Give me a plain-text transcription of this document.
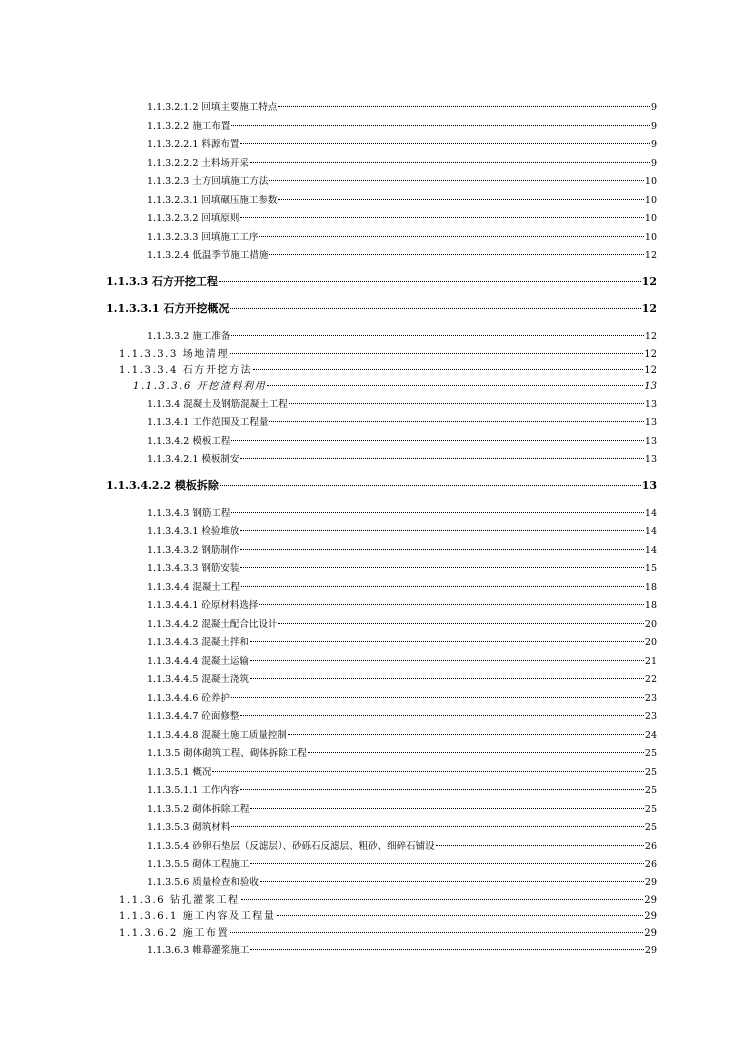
1.1.3.2.1.2 回填主要施工特点	9
1.1.3.2.2 施工布置	9
1.1.3.2.2.1 料源布置	9
1.1.3.2.2.2 土料场开采	9
1.1.3.2.3 土方回填施工方法	10
1.1.3.2.3.1 回填碾压施工参数	10
1.1.3.2.3.2 回填原则	10
1.1.3.2.3.3 回填施工工序	10
1.1.3.2.4 低温季节施工措施	12
1.1.3.3 石方开挖工程	12
1.1.3.3.1 石方开挖概况	12
1.1.3.3.2 施工准备	12
1.1.3.3.3 场地清理	12
1.1.3.3.4 石方开挖方法	12
1.1.3.3.6 开挖渣料利用	13
1.1.3.4 混凝土及钢筋混凝土工程	13
1.1.3.4.1 工作范围及工程量	13
1.1.3.4.2 模板工程	13
1.1.3.4.2.1 模板制安	13
1.1.3.4.2.2 模板拆除	13
1.1.3.4.3 钢筋工程	14
1.1.3.4.3.1 检验堆放	14
1.1.3.4.3.2 钢筋制作	14
1.1.3.4.3.3 钢筋安装	15
1.1.3.4.4 混凝土工程	18
1.1.3.4.4.1 砼原材料选择	18
1.1.3.4.4.2 混凝土配合比设计	20
1.1.3.4.4.3 混凝土拌和	20
1.1.3.4.4.4 混凝土运输	21
1.1.3.4.4.5 混凝土浇筑	22
1.1.3.4.4.6 砼养护	23
1.1.3.4.4.7 砼面修整	23
1.1.3.4.4.8 混凝土施工质量控制	24
1.1.3.5 砌体砌筑工程、砌体拆除工程	25
1.1.3.5.1 概况	25
1.1.3.5.1.1 工作内容	25
1.1.3.5.2 砌体拆除工程	25
1.1.3.5.3 砌筑材料	25
1.1.3.5.4 砂卵石垫层（反滤层）、砂砾石反滤层、粗砂、细碎石铺设	26
1.1.3.5.5 砌体工程施工	26
1.1.3.5.6 质量检查和验收	29
1.1.3.6 钻孔灌浆工程	29
1.1.3.6.1 施工内容及工程量	29
1.1.3.6.2 施工布置	29
1.1.3.6.3 帷幕灌浆施工	29
